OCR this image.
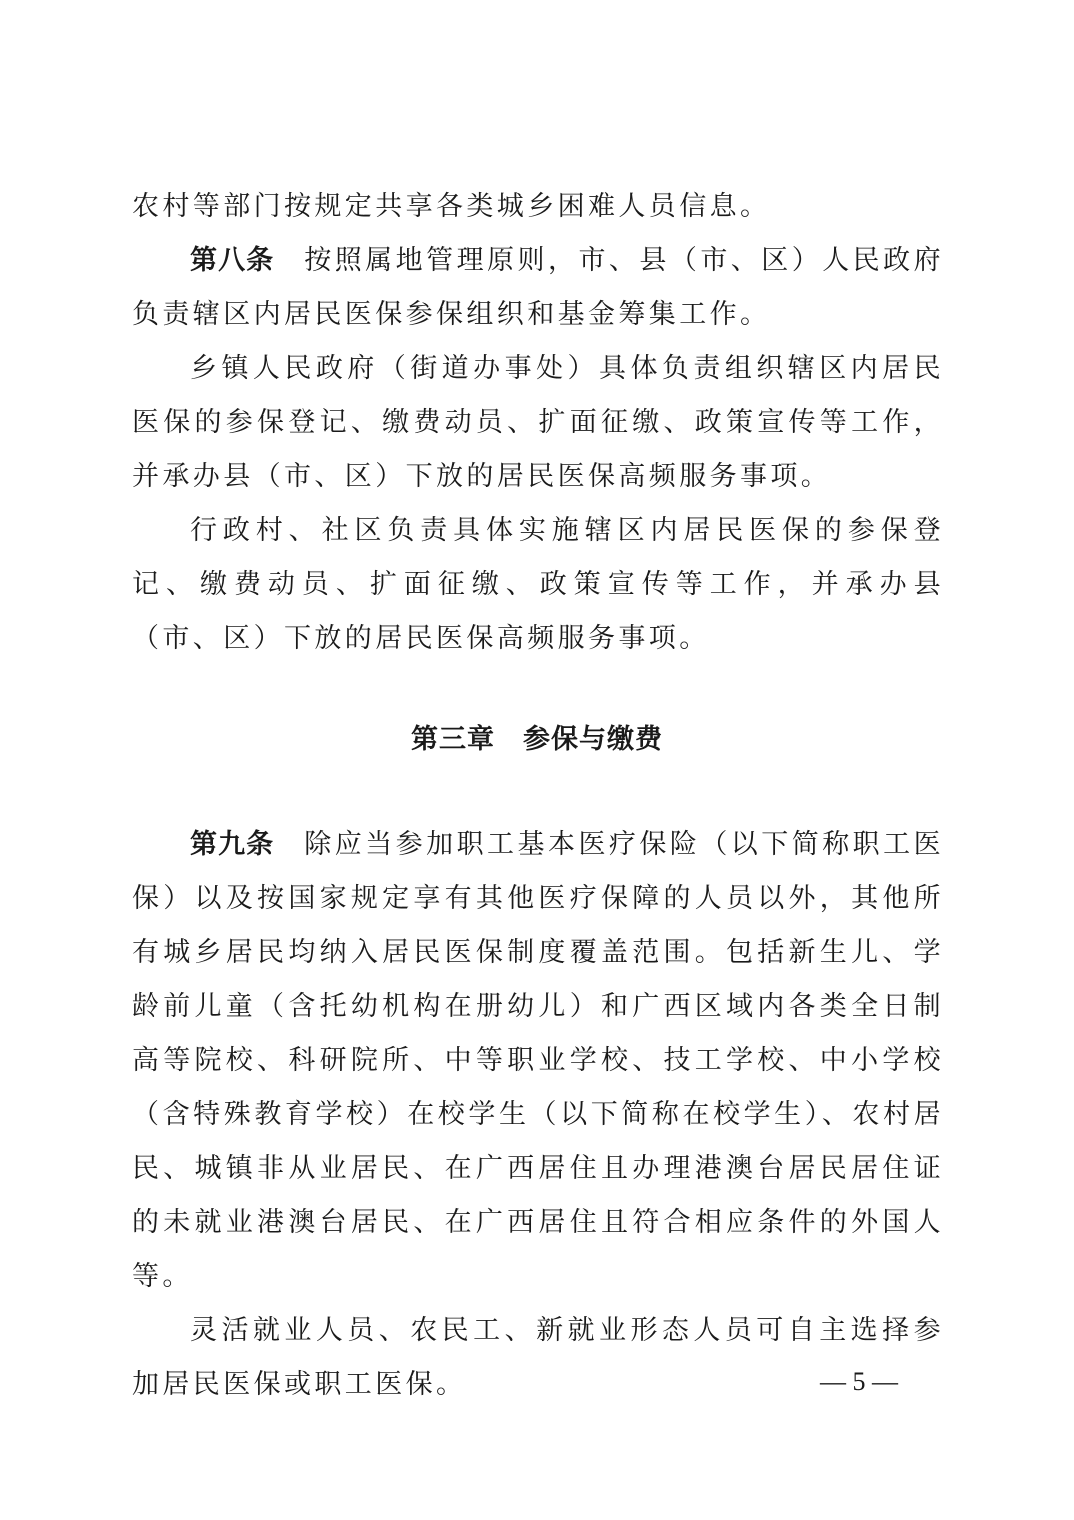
农村等部门按规定共享各类城乡困难人员信息。

第八条 按照属地管理原则，市、县（市、区）人民政府负责辖区内居民医保参保组织和基金筹集工作。

乡镇人民政府（街道办事处）具体负责组织辖区内居民医保的参保登记、缴费动员、扩面征缴、政策宣传等工作，并承办县（市、区）下放的居民医保高频服务事项。

行政村、社区负责具体实施辖区内居民医保的参保登记、缴费动员、扩面征缴、政策宣传等工作，并承办县（市、区）下放的居民医保高频服务事项。

第三章　参保与缴费

第九条 除应当参加职工基本医疗保险（以下简称职工医保）以及按国家规定享有其他医疗保障的人员以外，其他所有城乡居民均纳入居民医保制度覆盖范围。包括新生儿、学龄前儿童（含托幼机构在册幼儿）和广西区域内各类全日制高等院校、科研院所、中等职业学校、技工学校、中小学校（含特殊教育学校）在校学生（以下简称在校学生）、农村居民、城镇非从业居民、在广西居住且办理港澳台居民居住证的未就业港澳台居民、在广西居住且符合相应条件的外国人等。

灵活就业人员、农民工、新就业形态人员可自主选择参加居民医保或职工医保。	— 5 —
